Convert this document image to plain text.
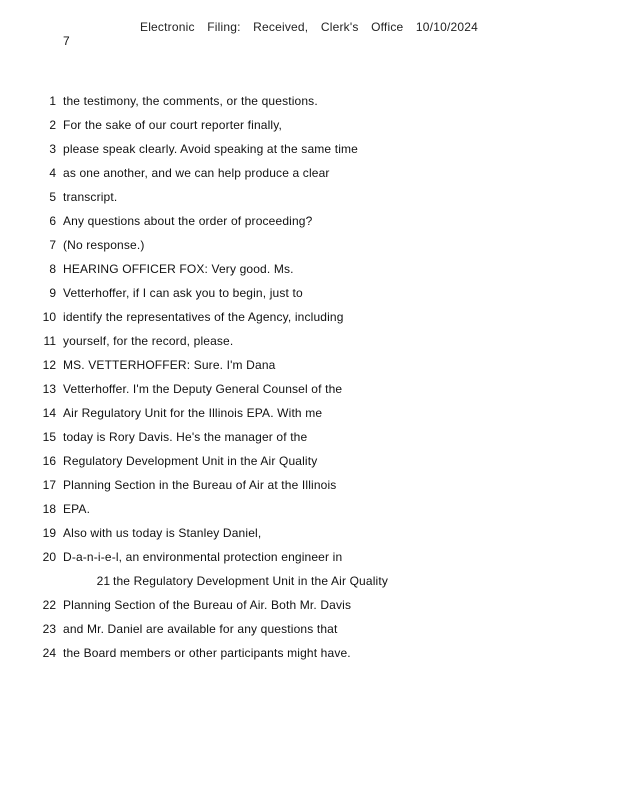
Electronic Filing: Received, Clerk's Office 10/10/2024
7
1 the testimony, the comments, or the questions.
2 For the sake of our court reporter finally,
3 please speak clearly. Avoid speaking at the same time
4 as one another, and we can help produce a clear
5 transcript.
6 Any questions about the order of proceeding?
7 (No response.)
8 HEARING OFFICER FOX: Very good. Ms.
9 Vetterhoffer, if I can ask you to begin, just to
10 identify the representatives of the Agency, including
11 yourself, for the record, please.
12 MS. VETTERHOFFER: Sure. I'm Dana
13 Vetterhoffer. I'm the Deputy General Counsel of the
14 Air Regulatory Unit for the Illinois EPA. With me
15 today is Rory Davis. He's the manager of the
16 Regulatory Development Unit in the Air Quality
17 Planning Section in the Bureau of Air at the Illinois
18 EPA.
19 Also with us today is Stanley Daniel,
20 D-a-n-i-e-l, an environmental protection engineer in
21 the Regulatory Development Unit in the Air Quality
22 Planning Section of the Bureau of Air. Both Mr. Davis
23 and Mr. Daniel are available for any questions that
24 the Board members or other participants might have.
